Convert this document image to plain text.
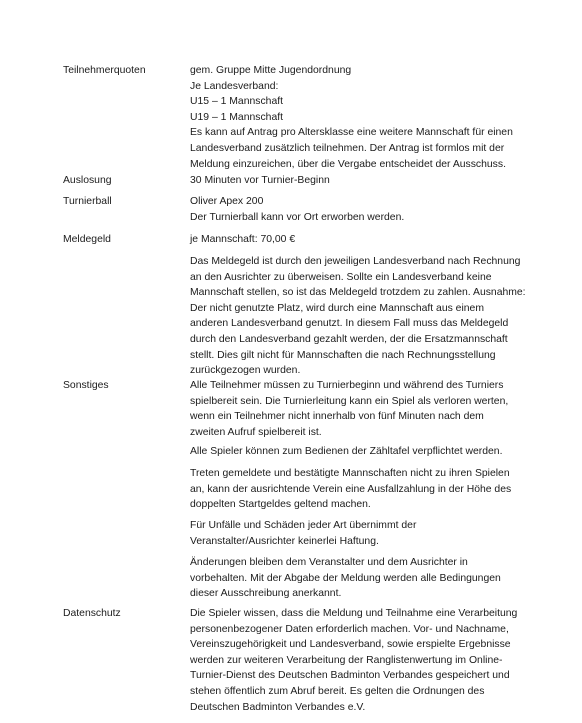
Teilnehmerquoten	gem. Gruppe Mitte Jugendordnung
Je Landesverband:
U15 – 1 Mannschaft
U19 – 1 Mannschaft
Es kann auf Antrag pro Altersklasse eine weitere Mannschaft für einen
Landesverband zusätzlich teilnehmen. Der Antrag ist formlos mit der
Meldung einzureichen, über die Vergabe entscheidet der Ausschuss.
Auslosung	30 Minuten vor Turnier-Beginn
Turnierball	Oliver Apex 200
Der Turnierball kann vor Ort erworben werden.
Meldegeld	je Mannschaft: 70,00 €
Das Meldegeld ist durch den jeweiligen Landesverband nach Rechnung
an den Ausrichter zu überweisen. Sollte ein Landesverband keine
Mannschaft stellen, so ist das Meldegeld trotzdem zu zahlen. Ausnahme:
Der nicht genutzte Platz, wird durch eine Mannschaft aus einem
anderen Landesverband genutzt. In diesem Fall muss das Meldegeld
durch den Landesverband gezahlt werden, der die Ersatzmannschaft
stellt. Dies gilt nicht für Mannschaften die nach Rechnungsstellung
zurückgezogen wurden.
Sonstiges	Alle Teilnehmer müssen zu Turnierbeginn und während des Turniers
spielbereit sein. Die Turnierleitung kann ein Spiel als verloren werten,
wenn ein Teilnehmer nicht innerhalb von fünf Minuten nach dem
zweiten Aufruf spielbereit ist.
Alle Spieler können zum Bedienen der Zähltafel verpflichtet werden.
Treten gemeldete und bestätigte Mannschaften nicht zu ihren Spielen
an, kann der ausrichtende Verein eine Ausfallzahlung in der Höhe des
doppelten Startgeldes geltend machen.
Für Unfälle und Schäden jeder Art übernimmt der
Veranstalter/Ausrichter keinerlei Haftung.
Änderungen bleiben dem Veranstalter und dem Ausrichter in
vorbehalten. Mit der Abgabe der Meldung werden alle Bedingungen
dieser Ausschreibung anerkannt.
Datenschutz	Die Spieler wissen, dass die Meldung und Teilnahme eine Verarbeitung
personenbezogener Daten erforderlich machen. Vor- und Nachname,
Vereinszugehörigkeit und Landesverband, sowie erspielte Ergebnisse
werden zur weiteren Verarbeitung der Ranglistenwertung im Online-
Turnier-Dienst des Deutschen Badminton Verbandes gespeichert und
stehen öffentlich zum Abruf bereit. Es gelten die Ordnungen des
Deutschen Badminton Verbandes e.V.
